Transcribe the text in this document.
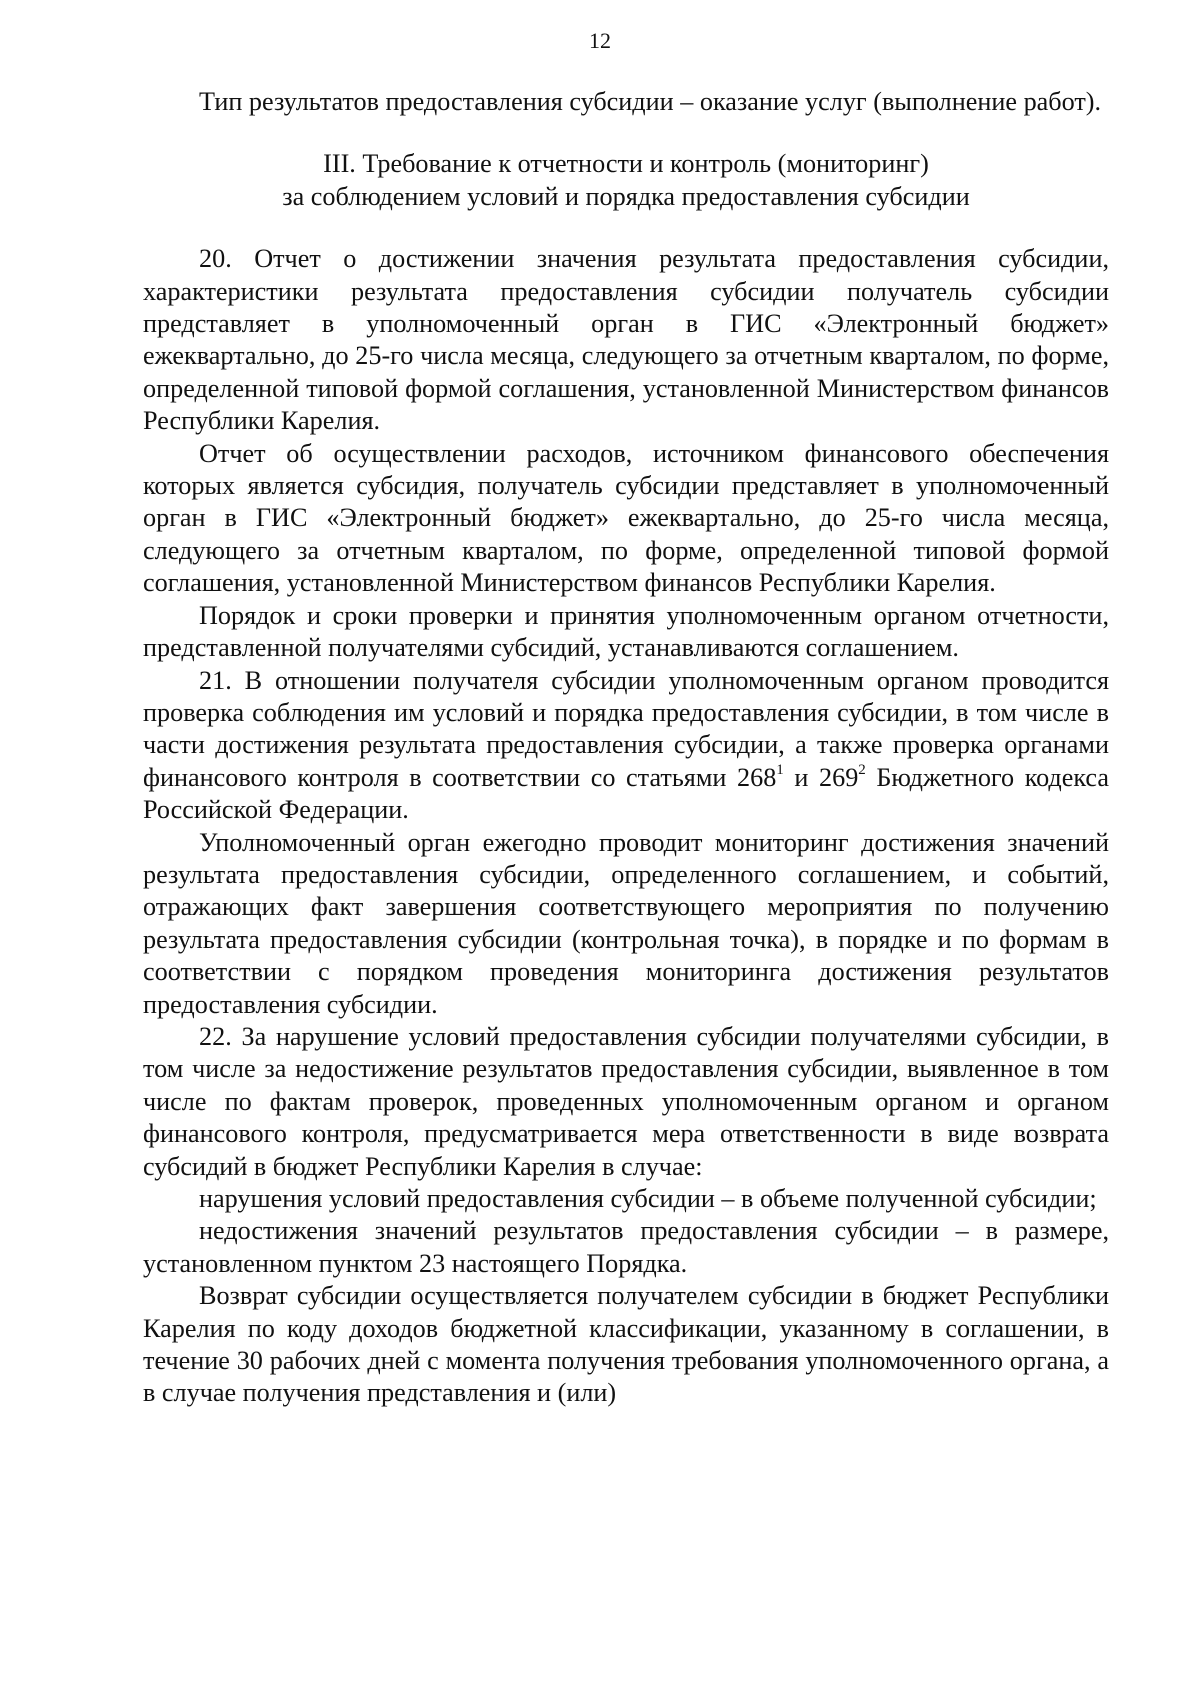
12

Тип результатов предоставления субсидии – оказание услуг (выполнение работ).

III. Требование к отчетности и контроль (мониторинг)
за соблюдением условий и порядка предоставления субсидии

20. Отчет о достижении значения результата предоставления субсидии, характеристики результата предоставления субсидии получатель субсидии представляет в уполномоченный орган в ГИС «Электронный бюджет» ежеквартально, до 25-го числа месяца, следующего за отчетным кварталом, по форме, определенной типовой формой соглашения, установленной Министерством финансов Республики Карелия.

Отчет об осуществлении расходов, источником финансового обеспечения которых является субсидия, получатель субсидии представляет в уполномоченный орган в ГИС «Электронный бюджет» ежеквартально, до 25-го числа месяца, следующего за отчетным кварталом, по форме, определенной типовой формой соглашения, установленной Министерством финансов Республики Карелия.

Порядок и сроки проверки и принятия уполномоченным органом отчетности, представленной получателями субсидий, устанавливаются соглашением.

21. В отношении получателя субсидии уполномоченным органом проводится проверка соблюдения им условий и порядка предоставления субсидии, в том числе в части достижения результата предоставления субсидии, а также проверка органами финансового контроля в соответствии со статьями $268^1$ и $269^2$ Бюджетного кодекса Российской Федерации.

Уполномоченный орган ежегодно проводит мониторинг достижения значений результата предоставления субсидии, определенного соглашением, и событий, отражающих факт завершения соответствующего мероприятия по получению результата предоставления субсидии (контрольная точка), в порядке и по формам в соответствии с порядком проведения мониторинга достижения результатов предоставления субсидии.

22. За нарушение условий предоставления субсидии получателями субсидии, в том числе за недостижение результатов предоставления субсидии, выявленное в том числе по фактам проверок, проведенных уполномоченным органом и органом финансового контроля, предусматривается мера ответственности в виде возврата субсидий в бюджет Республики Карелия в случае:

нарушения условий предоставления субсидии – в объеме полученной субсидии;

недостижения значений результатов предоставления субсидии – в размере, установленном пунктом 23 настоящего Порядка.

Возврат субсидии осуществляется получателем субсидии в бюджет Республики Карелия по коду доходов бюджетной классификации, указанному в соглашении, в течение 30 рабочих дней с момента получения требования уполномоченного органа, а в случае получения представления и (или)
